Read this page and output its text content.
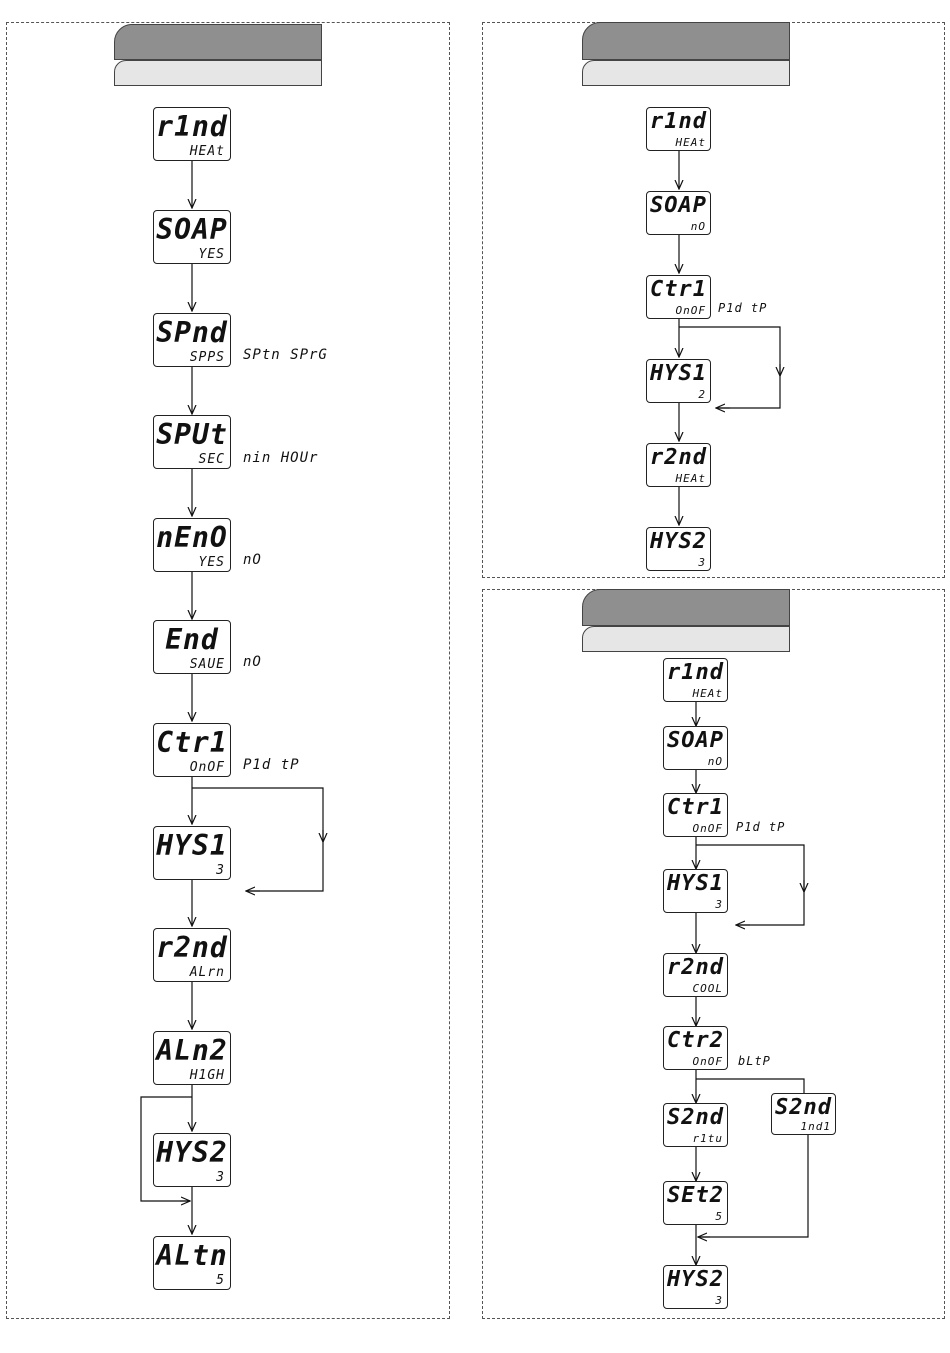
r1nd
HEAt
SOAP
YES
SPnd
SPPS SPtn SPrG
SPUt
SEC nin HOUr
nEnO
YES nO
End
SAUE nO
Ctr1
OnOF P1d tP
HYS1
3
r2nd
ALrn
ALn2
H1GH
HYS2
3
ALtn
5
r1nd
HEAt
SOAP
nO
Ctr1
OnOF P1d tP
HYS1
2
r2nd
HEAt
HYS2
3
r1nd
HEAt
SOAP
nO
Ctr1
OnOF P1d tP
HYS1
3
r2nd
COOL
Ctr2
OnOF bLtP
S2nd
r1tu
S2nd
1nd1
SEt2
5
HYS2
3
